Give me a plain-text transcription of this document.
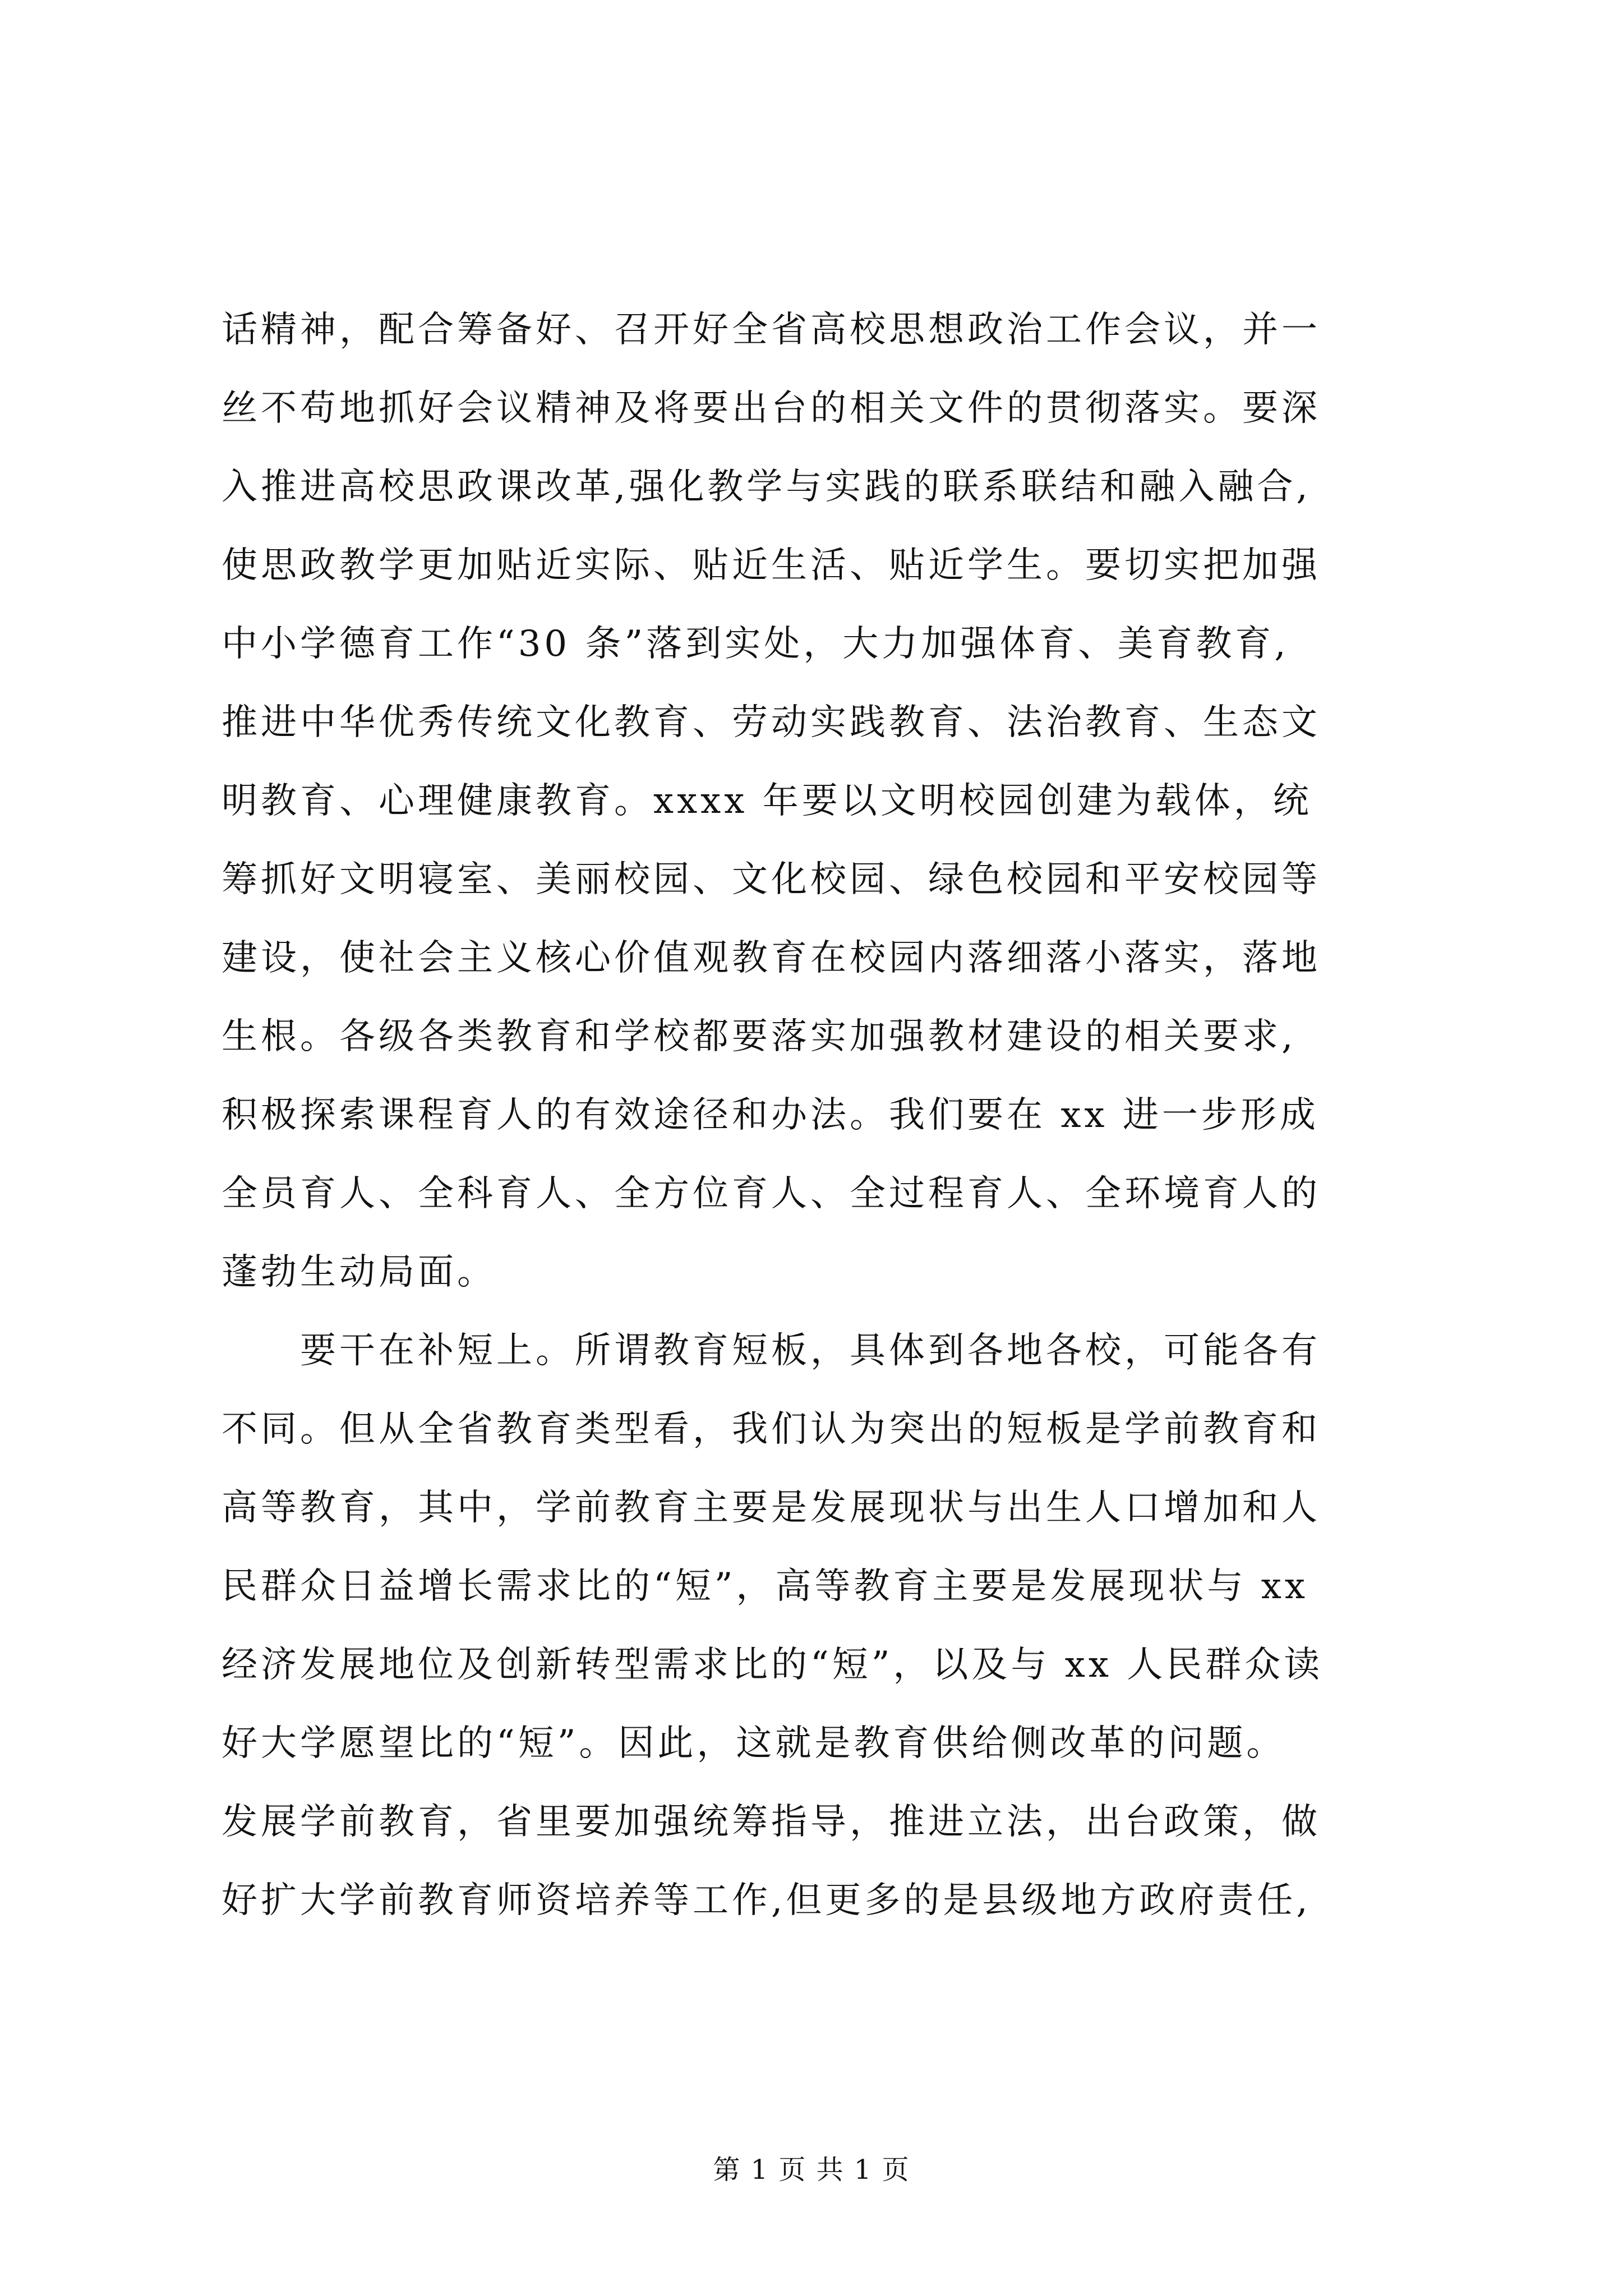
话精神，配合筹备好、召开好全省高校思想政治工作会议，并一
丝不苟地抓好会议精神及将要出台的相关文件的贯彻落实。要深
入推进高校思政课改革,强化教学与实践的联系联结和融入融合,
使思政教学更加贴近实际、贴近生活、贴近学生。要切实把加强
中小学德育工作“30 条”落到实处，大力加强体育、美育教育,
推进中华优秀传统文化教育、劳动实践教育、法治教育、生态文
明教育、心理健康教育。xxxx 年要以文明校园创建为载体，统
筹抓好文明寝室、美丽校园、文化校园、绿色校园和平安校园等
建设，使社会主义核心价值观教育在校园内落细落小落实，落地
生根。各级各类教育和学校都要落实加强教材建设的相关要求,
积极探索课程育人的有效途径和办法。我们要在 xx 进一步形成
全员育人、全科育人、全方位育人、全过程育人、全环境育人的
蓬勃生动局面。
要干在补短上。所谓教育短板，具体到各地各校，可能各有
不同。但从全省教育类型看，我们认为突出的短板是学前教育和
高等教育，其中，学前教育主要是发展现状与出生人口增加和人
民群众日益增长需求比的“短”，高等教育主要是发展现状与 xx
经济发展地位及创新转型需求比的“短”，以及与 xx 人民群众读
好大学愿望比的“短”。因此，这就是教育供给侧改革的问题。
发展学前教育，省里要加强统筹指导，推进立法，出台政策，做
好扩大学前教育师资培养等工作,但更多的是县级地方政府责任,
第 1 页 共 1 页
